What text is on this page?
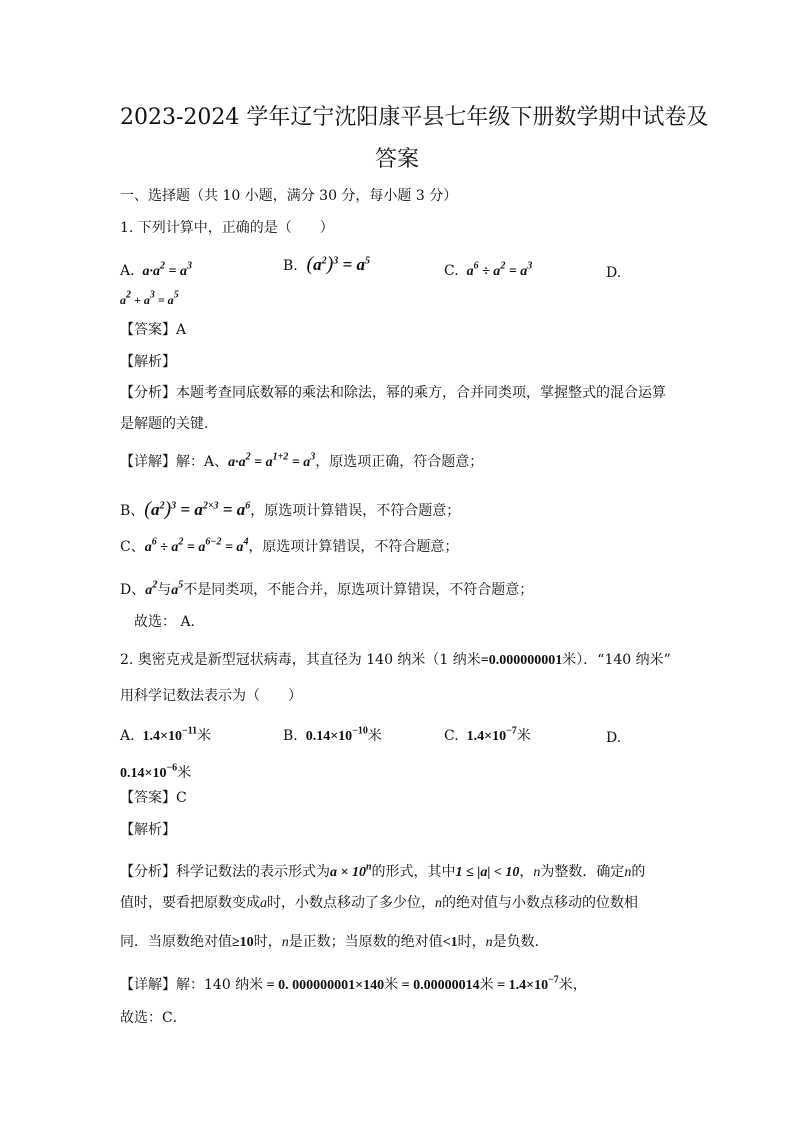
2023-2024 学年辽宁沈阳康平县七年级下册数学期中试卷及
答案
一、选择题（共 10 小题，满分 30 分，每小题 3 分）
1. 下列计算中，正确的是（　　）
A.  $a\cdot a^2 = a^3$	B. $(a^2)^3 = a^5$
C.  $a^6 \div a^2 = a^3$	D.
$a^2 + a^3 = a^5$
【答案】A
【解析】
【分析】本题考查同底数幂的乘法和除法，幂的乘方，合并同类项，掌握整式的混合运算
是解题的关键．
【详解】解：A、$a\cdot a^2 = a^{1+2} = a^3$，原选项正确，符合题意；
B、$(a^2)^3 = a^{2\times 3} = a^6$，原选项计算错误，不符合题意；
C、$a^6 \div a^2 = a^{6-2} = a^4$，原选项计算错误，不符合题意；
D、$a^2$与$a^5$不是同类项，不能合并，原选项计算错误，不符合题意；
故选： A．
2. 奥密克戎是新型冠状病毒，其直径为 140 纳米（1 纳米=0.000000001米）．“140 纳米”
用科学记数法表示为（　　）
A.  $1.4\times 10^{-11}$米	B.  $0.14\times 10^{-10}$米	C.  $1.4\times 10^{-7}$米	D.
$0.14\times 10^{-6}$米
【答案】C
【解析】
【分析】科学记数法的表示形式为$a \times 10^n$的形式，其中1 ≤ |a| < 10，n为整数．确定n的
值时，要看把原数变成a时，小数点移动了多少位，n的绝对值与小数点移动的位数相
同．当原数绝对值≥10时，n是正数；当原数的绝对值<1时，n是负数．
【详解】解：140 纳米 = 0. 000000001×140米 = 0.00000014米 = $1.4\times 10^{-7}$米，
故选：C．
